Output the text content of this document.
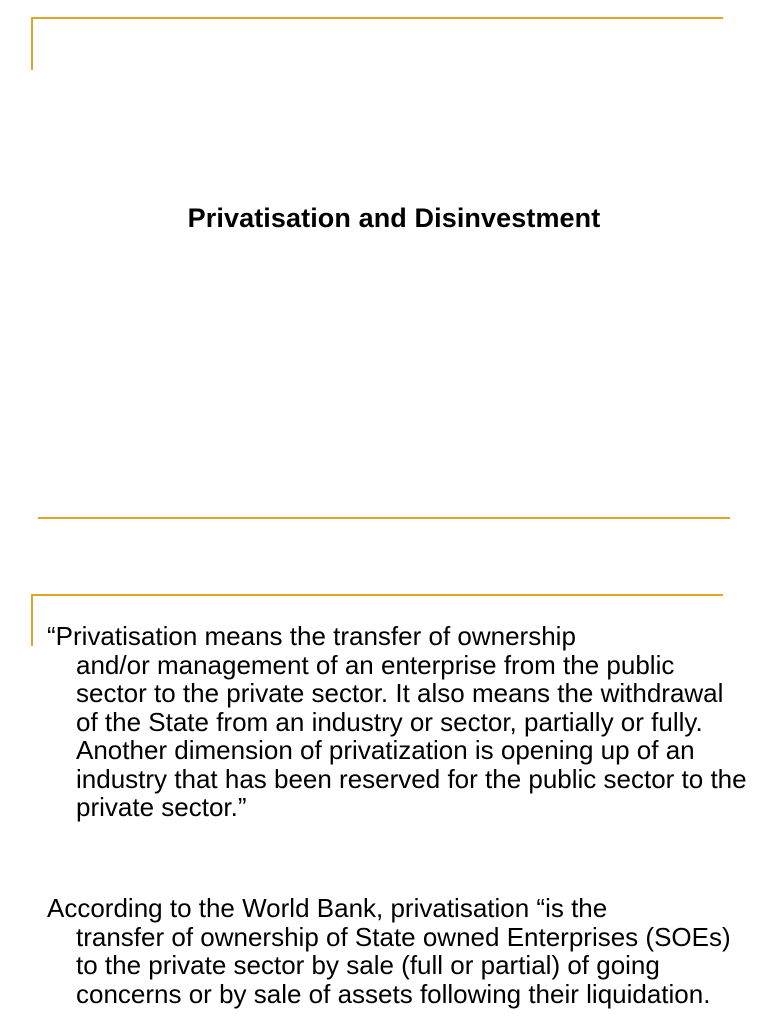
Privatisation and Disinvestment

“Privatisation means the transfer of ownership
and/or management of an enterprise from the public sector to the private sector. It also means the withdrawal of the State from an industry or sector, partially or fully. Another dimension of privatization is opening up of an industry that has been reserved for the public sector to the private sector.”

According to the World Bank, privatisation “is the
transfer of ownership of State owned Enterprises (SOEs) to the private sector by sale (full or partial) of going concerns or by sale of assets following their liquidation.
